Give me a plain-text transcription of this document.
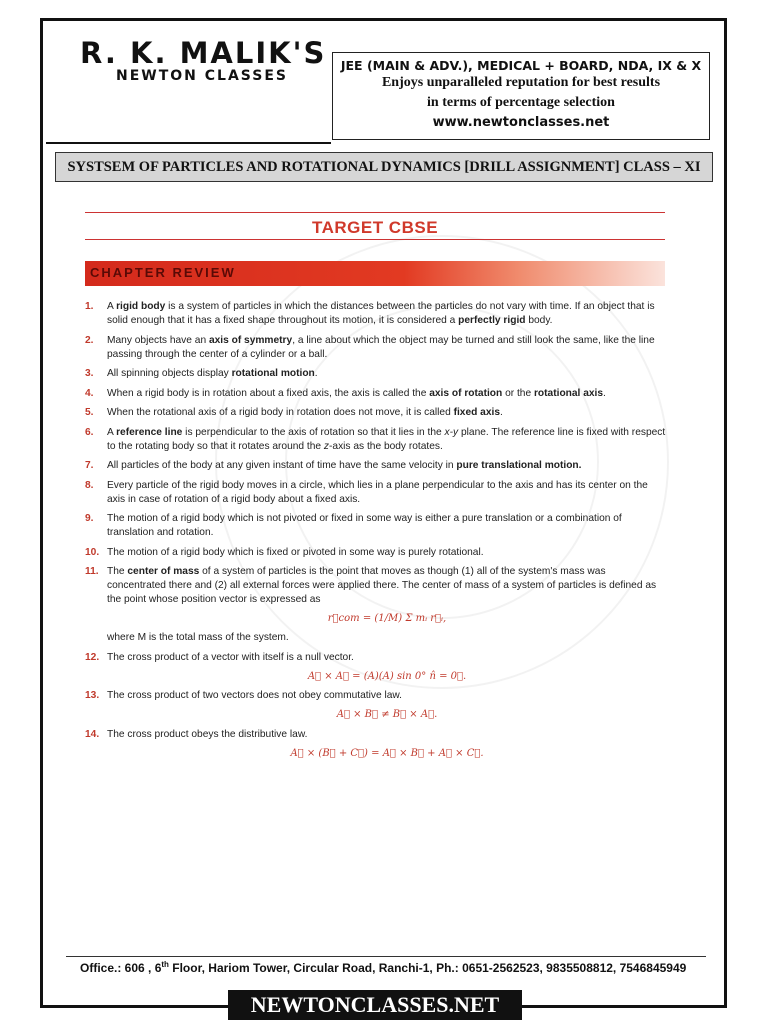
R. K. MALIK'S
NEWTON CLASSES
JEE (MAIN & ADV.), MEDICAL + BOARD, NDA, IX & X
Enjoys unparalleled reputation for best results
in terms of percentage selection
www.newtonclasses.net
SYSTSEM OF PARTICLES AND ROTATIONAL DYNAMICS [DRILL ASSIGNMENT] CLASS – XI
TARGET CBSE
CHAPTER REVIEW
1. A rigid body is a system of particles in which the distances between the particles do not vary with time. If an object that is solid enough that it has a fixed shape throughout its motion, it is considered a perfectly rigid body.
2. Many objects have an axis of symmetry, a line about which the object may be turned and still look the same, like the line passing through the center of a cylinder or a ball.
3. All spinning objects display rotational motion.
4. When a rigid body is in rotation about a fixed axis, the axis is called the axis of rotation or the rotational axis.
5. When the rotational axis of a rigid body in rotation does not move, it is called fixed axis.
6. A reference line is perpendicular to the axis of rotation so that it lies in the x-y plane. The reference line is fixed with respect to the rotating body so that it rotates around the z-axis as the body rotates.
7. All particles of the body at any given instant of time have the same velocity in pure translational motion.
8. Every particle of the rigid body moves in a circle, which lies in a plane perpendicular to the axis and has its center on the axis in case of rotation of a rigid body about a fixed axis.
9. The motion of a rigid body which is not pivoted or fixed in some way is either a pure translation or a combination of translation and rotation.
10. The motion of a rigid body which is fixed or pivoted in some way is purely rotational.
11. The center of mass of a system of particles is the point that moves as though (1) all of the system's mass was concentrated there and (2) all external forces were applied there. The center of mass of a system of particles is defined as the point whose position vector is expressed as
r⃗com = (1/M) Σ mᵢ r⃗ᵢ,
where M is the total mass of the system.
12. The cross product of a vector with itself is a null vector.
A⃗ × A⃗ = (A)(A) sin 0° n̂ = 0⃗.
13. The cross product of two vectors does not obey commutative law.
A⃗ × B⃗ ≠ B⃗ × A⃗.
14. The cross product obeys the distributive law.
A⃗ × (B⃗ + C⃗) = A⃗ × B⃗ + A⃗ × C⃗.
Office.: 606 , 6th Floor, Hariom Tower, Circular Road, Ranchi-1, Ph.: 0651-2562523, 9835508812, 7546845949
NEWTONCLASSES.NET
